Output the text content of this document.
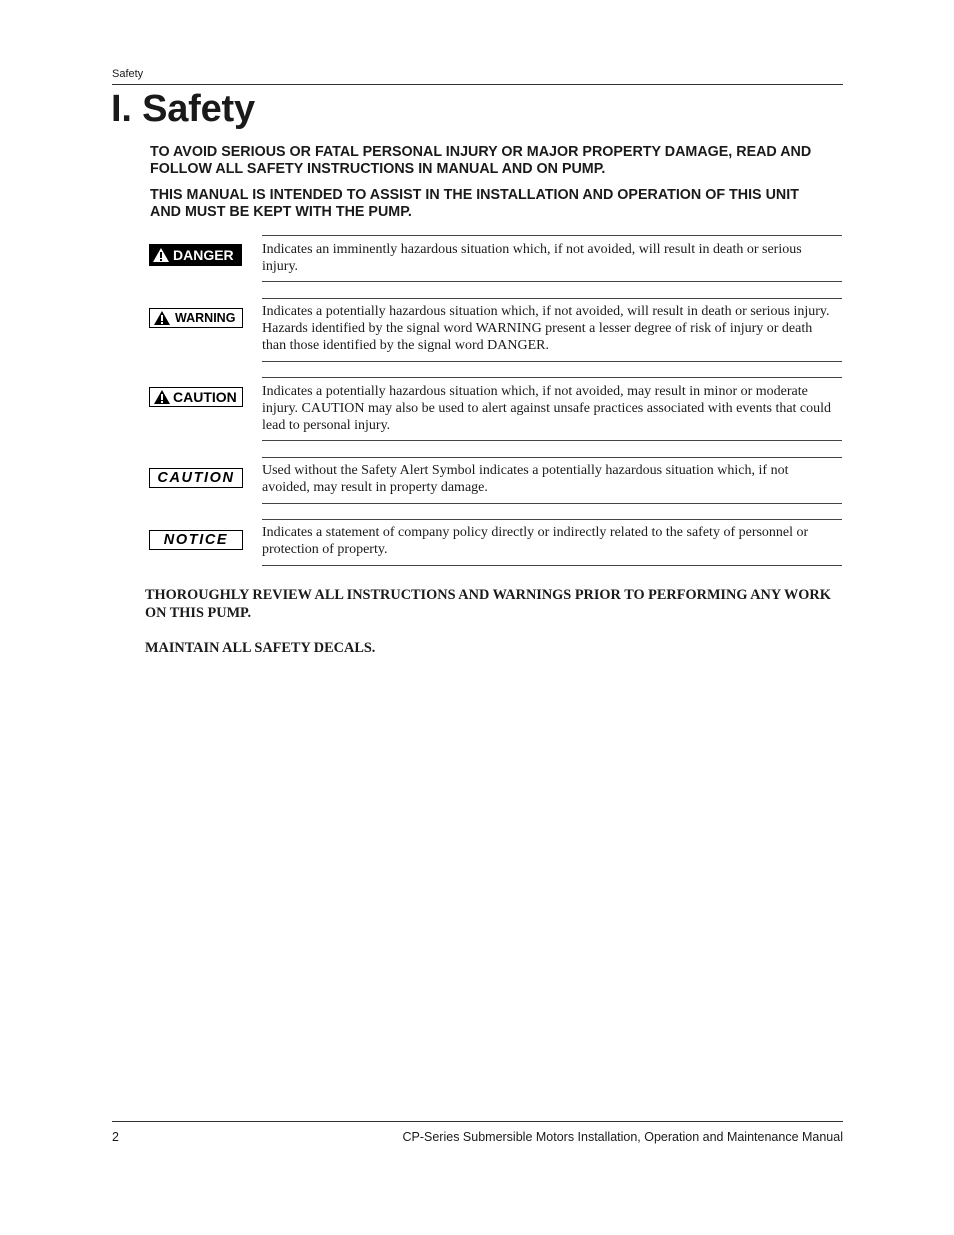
Safety
I. Safety

TO AVOID SERIOUS OR FATAL PERSONAL INJURY OR MAJOR PROPERTY DAMAGE, READ AND FOLLOW ALL SAFETY INSTRUCTIONS IN MANUAL AND ON PUMP.

THIS MANUAL IS INTENDED TO ASSIST IN THE INSTALLATION AND OPERATION OF THIS UNIT AND MUST BE KEPT WITH THE PUMP.

DANGER Indicates an imminently hazardous situation which, if not avoided, will result in death or serious injury.

WARNING Indicates a potentially hazardous situation which, if not avoided, will result in death or serious injury. Hazards identified by the signal word WARNING present a lesser degree of risk of injury or death than those identified by the signal word DANGER.

CAUTION Indicates a potentially hazardous situation which, if not avoided, may result in minor or moderate injury. CAUTION may also be used to alert against unsafe practices associated with events that could lead to personal injury.

CAUTION Used without the Safety Alert Symbol indicates a potentially hazardous situation which, if not avoided, may result in property damage.

NOTICE Indicates a statement of company policy directly or indirectly related to the safety of personnel or protection of property.

THOROUGHLY REVIEW ALL INSTRUCTIONS AND WARNINGS PRIOR TO PERFORMING ANY WORK ON THIS PUMP.

MAINTAIN ALL SAFETY DECALS.

2	CP-Series Submersible Motors Installation, Operation and Maintenance Manual
